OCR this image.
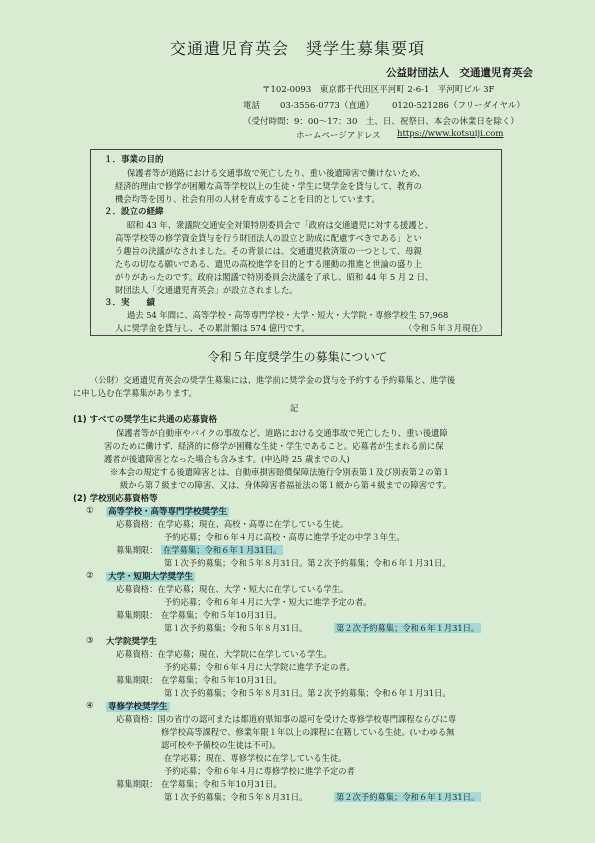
交通遺児育英会　奨学生募集要項
公益財団法人　交通遺児育英会
〒102-0093　東京都千代田区平河町 2-6-1　平河町ビル 3F
電話 03-3556-0773（直通） 0120-521286（フリーダイヤル）
（受付時間：9：00～17：30　土、日、祝祭日、本会の休業日を除く）
ホームページアドレス https://www.kotsuiji.com
１．事業の目的
保護者等が道路における交通事故で死亡したり、重い後遺障害で働けないため、
経済的理由で修学が困難な高等学校以上の生徒・学生に奨学金を貸与して、教育の
機会均等を図り、社会有用の人材を育成することを目的としています。
２．設立の経緯
昭和 43 年、衆議院交通安全対策特別委員会で「政府は交通遺児に対する援護と、
高等学校等の修学資金貸与を行う財団法人の設立と助成に配慮すべきである」とい
う趣旨の決議がなされました。その背景には、交通遺児救済策の一つとして、母親
たちの切なる願いである、遺児の高校進学を目的とする運動の推進と世論の盛り上
がりがあったのです。政府は閣議で特別委員会決議を了承し、昭和 44 年 5 月 2 日、
財団法人「交通遺児育英会」が設立されました。
３．実　　績
過去 54 年間に、高等学校・高等専門学校・大学・短大・大学院・専修学校生 57,968
人に奨学金を貸与し、その累計額は 574 億円です。	（令和５年３月現在）
令和５年度奨学生の募集について
（公財）交通遺児育英会の奨学生募集には、進学前に奨学金の貸与を予約する予約募集と、進学後
に申し込む在学募集があります。
記
(1) すべての奨学生に共通の応募資格
保護者等が自動車やバイクの事故など、道路における交通事故で死亡したり、重い後遺障
害のために働けず、経済的に修学が困難な生徒・学生であること。応募者が生まれる前に保
護者が後遺障害となった場合も含みます。(申込時 25 歳までの人)
※本会の規定する後遺障害とは、自動車損害賠償保障法施行令別表第１及び別表第２の第１
級から第７級までの障害、又は、身体障害者福祉法の第１級から第４級までの障害です。
(2) 学校別応募資格等
① 高等学校・高等専門学校奨学生
応募資格：在学応募；現在、高校・高専に在学している生徒。
予約応募；令和６年４月に高校・高専に進学予定の中学３年生。
募集期限： 在学募集；令和６年１月31日。
第１次予約募集；令和５年８月31日。第２次予約募集；令和６年１月31日。
② 大学・短期大学奨学生
応募資格：在学応募；現在、大学・短大に在学している学生。
予約応募；令和６年４月に大学・短大に進学予定の者。
募集期限： 在学募集；令和５年10月31日。
第１次予約募集；令和５年８月31日。	第２次予約募集；令和６年１月31日。
③ 大学院奨学生
応募資格：在学応募；現在、大学院に在学している学生。
予約応募；令和６年４月に大学院に進学予定の者。
募集期限： 在学募集；令和５年10月31日。
第１次予約募集；令和５年８月31日。第２次予約募集；令和６年１月31日。
④ 専修学校奨学生
応募資格：国の省庁の認可または都道府県知事の認可を受けた専修学校専門課程ならびに専
修学校高等課程で、修業年限１年以上の課程に在籍している生徒。(いわゆる無
認可校や予備校の生徒は不可)。
在学応募；現在、専修学校に在学している生徒。
予約応募；令和６年４月に専修学校に進学予定の者
募集期限： 在学募集；令和５年10月31日。
第１次予約募集；令和５年８月31日。	第２次予約募集；令和６年１月31日。
